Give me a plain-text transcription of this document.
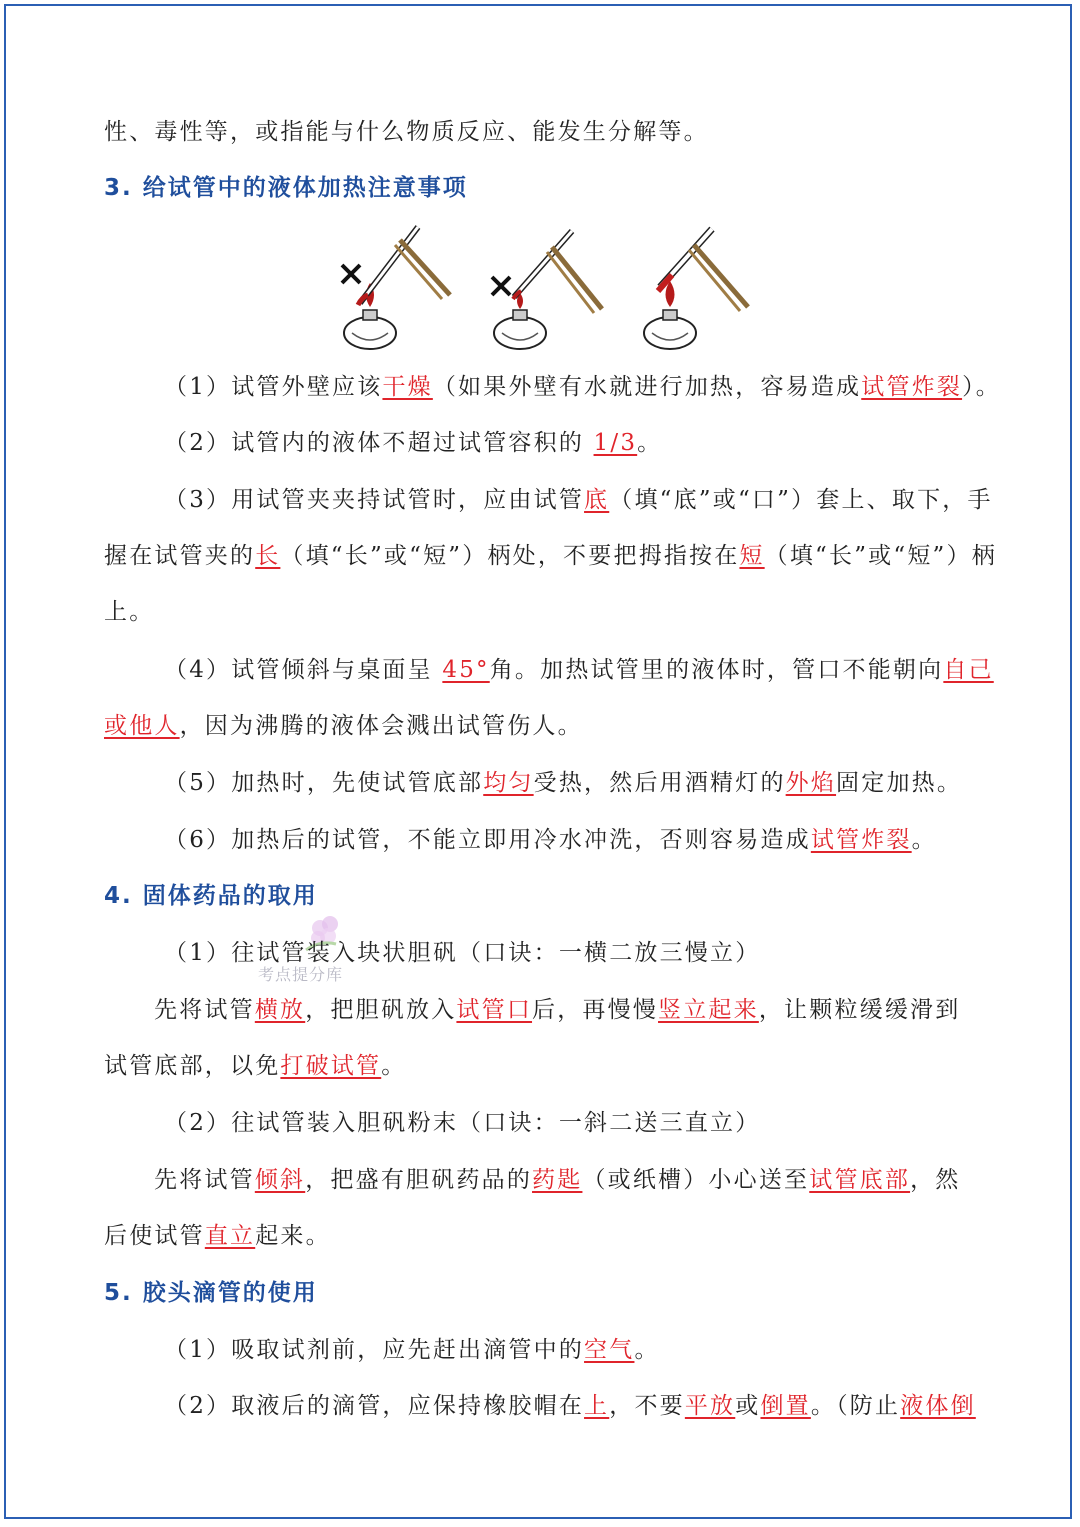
性、毒性等，或指能与什么物质反应、能发生分解等。
3. 给试管中的液体加热注意事项
（1）试管外壁应该干燥（如果外壁有水就进行加热，容易造成试管炸裂）。
（2）试管内的液体不超过试管容积的 1/3。
（3）用试管夹夹持试管时，应由试管底（填“底”或“口”）套上、取下，手
握在试管夹的长（填“长”或“短”）柄处，不要把拇指按在短（填“长”或“短”）柄
上。
（4）试管倾斜与桌面呈 45°角。加热试管里的液体时，管口不能朝向自己
或他人，因为沸腾的液体会溅出试管伤人。
（5）加热时，先使试管底部均匀受热，然后用酒精灯的外焰固定加热。
（6）加热后的试管，不能立即用冷水冲洗，否则容易造成试管炸裂。
4. 固体药品的取用
（1）往试管装入块状胆矾（口诀：一横二放三慢立）
考点提分库
先将试管横放，把胆矾放入试管口后，再慢慢竖立起来，让颗粒缓缓滑到
试管底部，以免打破试管。
（2）往试管装入胆矾粉末（口诀：一斜二送三直立）
先将试管倾斜，把盛有胆矾药品的药匙（或纸槽）小心送至试管底部，然
后使试管直立起来。
5. 胶头滴管的使用
（1）吸取试剂前，应先赶出滴管中的空气。
（2）取液后的滴管，应保持橡胶帽在上，不要平放或倒置。（防止液体倒
